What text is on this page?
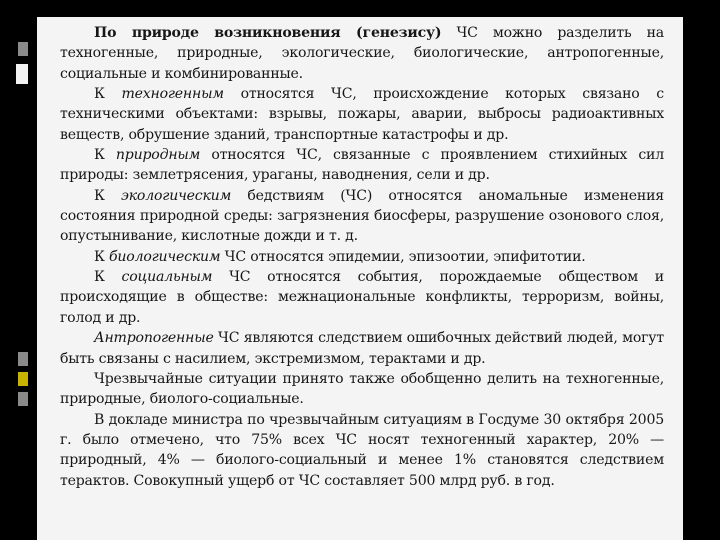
По природе возникновения (генезису) ЧС можно разделить на техногенные, природные, экологические, биологические, антропогенные, социальные и комбинированные.

К техногенным относятся ЧС, происхождение которых связано с техническими объектами: взрывы, пожары, аварии, выбросы радиоактивных веществ, обрушение зданий, транспортные катастрофы и др.

К природным относятся ЧС, связанные с проявлением стихийных сил природы: землетрясения, ураганы, наводнения, сели и др.

К экологическим бедствиям (ЧС) относятся аномальные изменения состояния природной среды: загрязнения биосферы, разрушение озонового слоя, опустынивание, кислотные дожди и т. д.

К биологическим ЧС относятся эпидемии, эпизоотии, эпифитотии.

К социальным ЧС относятся события, порождаемые обществом и происходящие в обществе: межнациональные конфликты, терроризм, войны, голод и др.

Антропогенные ЧС являются следствием ошибочных действий людей, могут быть связаны с насилием, экстремизмом, терактами и др.

Чрезвычайные ситуации принято также обобщенно делить на техногенные, природные, биолого-социальные.

В докладе министра по чрезвычайным ситуациям в Госдуме 30 октября 2005 г. было отмечено, что 75% всех ЧС носят техногенный характер, 20% — природный, 4% — биолого-социальный и менее 1% становятся следствием терактов. Совокупный ущерб от ЧС составляет 500 млрд руб. в год.
